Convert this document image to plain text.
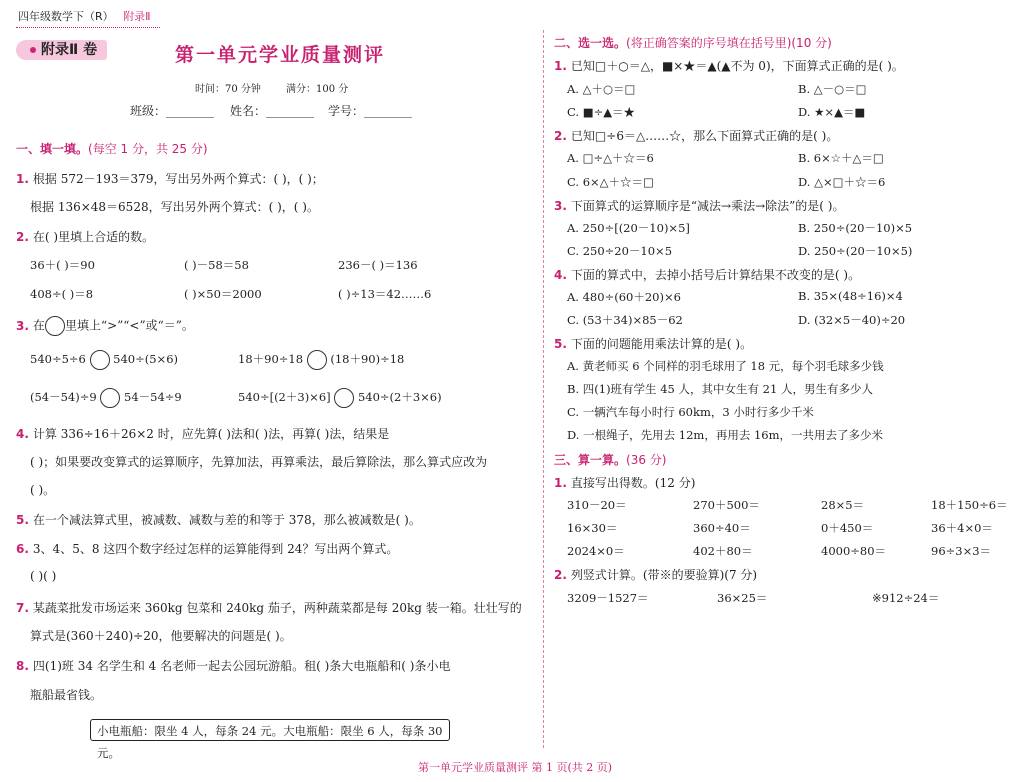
四年级数学下（R） 附录Ⅱ
附录Ⅱ 卷	第一单元学业质量测评
时间：70 分钟	满分：100 分
班级：________ 姓名：________ 学号：________
一、填一填。(每空 1 分，共 25 分)
1. 根据 572－193＝379，写出另外两个算式：( )，( )；
根据 136×48＝6528，写出另外两个算式：( )，( )。
2. 在( )里填上合适的数。
36＋( )＝90	( )－58＝58	236－( )＝136
408÷( )＝8	( )×50＝2000	( )÷13＝42……6
3. 在 里填上“>”“<”或“＝”。
540÷5÷6 540÷(5×6)	18＋90÷18 (18＋90)÷18
(54－54)÷9 54－54÷9	540÷[(2＋3)×6] 540÷(2＋3×6)
4. 计算 336÷16＋26×2 时，应先算( )法和( )法，再算( )法，结果是
( )；如果要改变算式的运算顺序，先算加法，再算乘法，最后算除法，那么算式应改为
( )。
5. 在一个减法算式里，被减数、减数与差的和等于 378，那么被减数是( )。
6. 3、4、5、8 这四个数字经过怎样的运算能得到 24？写出两个算式。
( )( )
7. 某蔬菜批发市场运来 360kg 包菜和 240kg 茄子，两种蔬菜都是每 20kg 装一箱。壮壮写的
算式是(360＋240)÷20，他要解决的问题是( )。
8. 四(1)班 34 名学生和 4 名老师一起去公园玩游船。租( )条大电瓶船和( )条小电
瓶船最省钱。
小电瓶船：限坐 4 人，每条 24 元。大电瓶船：限坐 6 人，每条 30 元。
二、选一选。(将正确答案的序号填在括号里)(10 分)
1. 已知□＋○＝△，■×★＝▲(▲不为 0)，下面算式正确的是( )。
A. △＋○＝□	B. △－○＝□
C. ■÷▲＝★	D. ★×▲＝■
2. 已知□÷6＝△……☆，那么下面算式正确的是( )。
A. □÷△＋☆＝6	B. 6×☆＋△＝□
C. 6×△＋☆＝□	D. △×□＋☆＝6
3. 下面算式的运算顺序是“减法→乘法→除法”的是( )。
A. 250÷[(20－10)×5]	B. 250÷(20－10)×5
C. 250÷20－10×5	D. 250÷(20－10×5)
4. 下面的算式中，去掉小括号后计算结果不改变的是( )。
A. 480÷(60＋20)×6	B. 35×(48÷16)×4
C. (53＋34)×85－62	D. (32×5－40)÷20
5. 下面的问题能用乘法计算的是( )。
A. 黄老师买 6 个同样的羽毛球用了 18 元，每个羽毛球多少钱
B. 四(1)班有学生 45 人，其中女生有 21 人，男生有多少人
C. 一辆汽车每小时行 60km，3 小时行多少千米
D. 一根绳子，先用去 12m，再用去 16m，一共用去了多少米
三、算一算。(36 分)
1. 直接写出得数。(12 分)
310－20＝	270＋500＝	28×5＝	18＋150÷6＝
16×30＝	360÷40＝	0＋450＝	36＋4×0＝
2024×0＝	402＋80＝	4000÷80＝	96÷3×3＝
2. 列竖式计算。(带※的要验算)(7 分)
3209－1527＝	36×25＝	※912÷24＝
第一单元学业质量测评 第 1 页(共 2 页)
